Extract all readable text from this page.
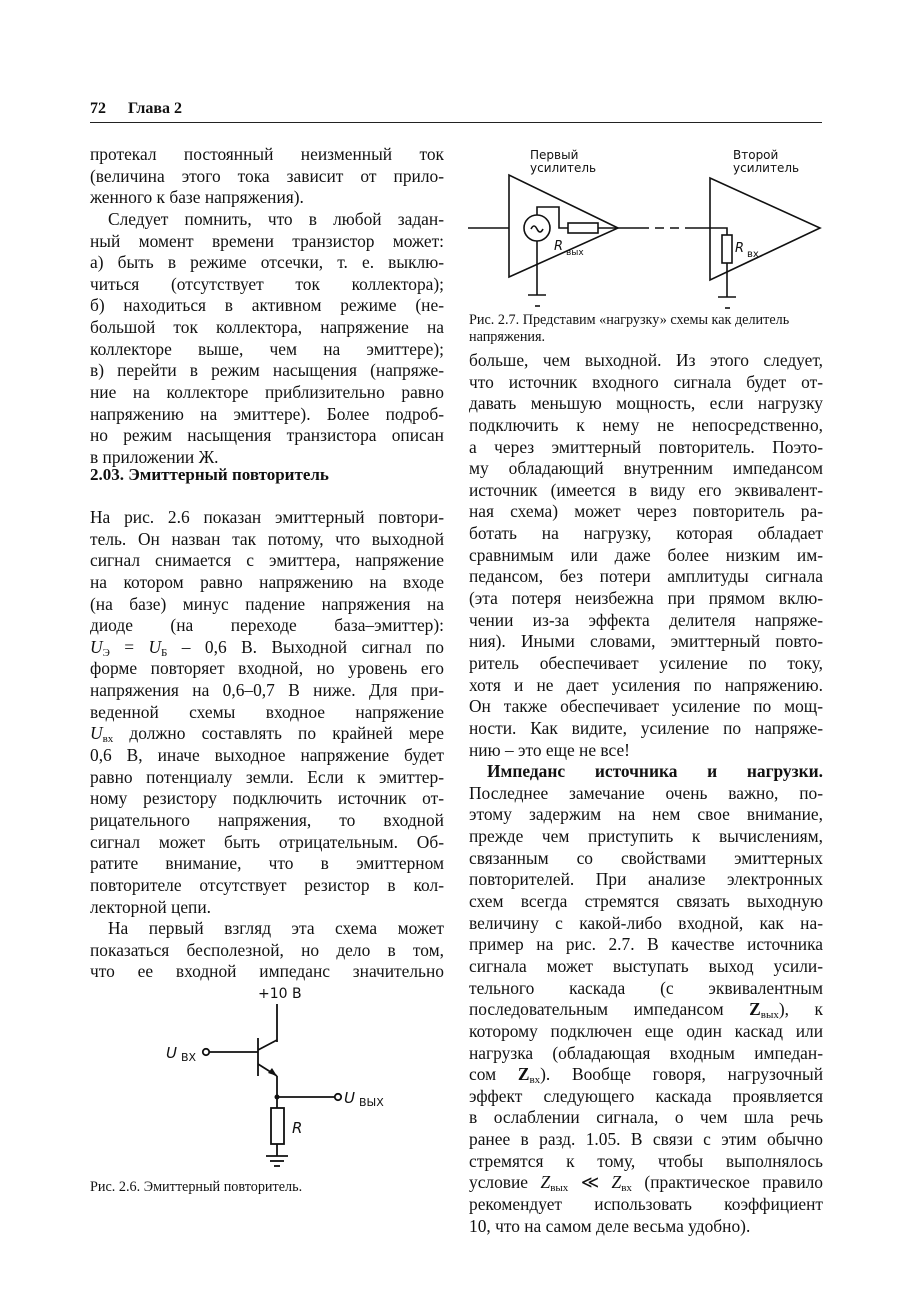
72 Глава 2
протекал постоянный неизменный ток
(величина этого тока зависит от прило-
женного к базе напряжения).
Следует помнить, что в любой задан-
ный момент времени транзистор может:
а) быть в режиме отсечки, т. е. выклю-
читься (отсутствует ток коллектора);
б) находиться в активном режиме (не-
большой ток коллектора, напряжение на
коллекторе выше, чем на эмиттере);
в) перейти в режим насыщения (напряже-
ние на коллекторе приблизительно равно
напряжению на эмиттере). Более подроб-
но режим насыщения транзистора описан
в приложении Ж.
2.03. Эмиттерный повторитель
На рис. 2.6 показан эмиттерный повтори-
тель. Он назван так потому, что выходной
сигнал снимается с эмиттера, напряжение
на котором равно напряжению на входе
(на базе) минус падение напряжения на
диоде (на переходе база–эмиттер):
$U_Э = U_Б - 0,6$ В. Выходной сигнал по
форме повторяет входной, но уровень его
напряжения на 0,6–0,7 В ниже. Для при-
веденной схемы входное напряжение
$U_{вх}$ должно составлять по крайней мере
0,6 В, иначе выходное напряжение будет
равно потенциалу земли. Если к эмиттер-
ному резистору подключить источник от-
рицательного напряжения, то входной
сигнал может быть отрицательным. Об-
ратите внимание, что в эмиттерном
повторителе отсутствует резистор в кол-
лекторной цепи.
На первый взгляд эта схема может
показаться бесполезной, но дело в том,
что ее входной импеданс значительно
+10 В
U ВХ
U ВЫХ
R
Рис. 2.6. Эмиттерный повторитель.
Первый
усилитель
Второй
усилитель
R вых	R вх
Рис. 2.7. Представим «нагрузку» схемы как делитель
напряжения.
больше, чем выходной. Из этого следует,
что источник входного сигнала будет от-
давать меньшую мощность, если нагрузку
подключить к нему не непосредственно,
а через эмиттерный повторитель. Поэто-
му обладающий внутренним импедансом
источник (имеется в виду его эквивалент-
ная схема) может через повторитель ра-
ботать на нагрузку, которая обладает
сравнимым или даже более низким им-
педансом, без потери амплитуды сигнала
(эта потеря неизбежна при прямом вклю-
чении из-за эффекта делителя напряже-
ния). Иными словами, эмиттерный повто-
ритель обеспечивает усиление по току,
хотя и не дает усиления по напряжению.
Он также обеспечивает усиление по мощ-
ности. Как видите, усиление по напряже-
нию – это еще не все!
Импеданс источника и нагрузки.
Последнее замечание очень важно, по-
этому задержим на нем свое внимание,
прежде чем приступить к вычислениям,
связанным со свойствами эмиттерных
повторителей. При анализе электронных
схем всегда стремятся связать выходную
величину с какой-либо входной, как на-
пример на рис. 2.7. В качестве источника
сигнала может выступать выход усили-
тельного каскада (с эквивалентным
последовательным импедансом $Z_{вых}$), к
которому подключен еще один каскад или
нагрузка (обладающая входным импедан-
сом $Z_{вх}$). Вообще говоря, нагрузочный
эффект следующего каскада проявляется
в ослаблении сигнала, о чем шла речь
ранее в разд. 1.05. В связи с этим обычно
стремятся к тому, чтобы выполнялось
условие $Z_{вых}$ ≪ $Z_{вх}$ (практическое правило
рекомендует использовать коэффициент
10, что на самом деле весьма удобно).
